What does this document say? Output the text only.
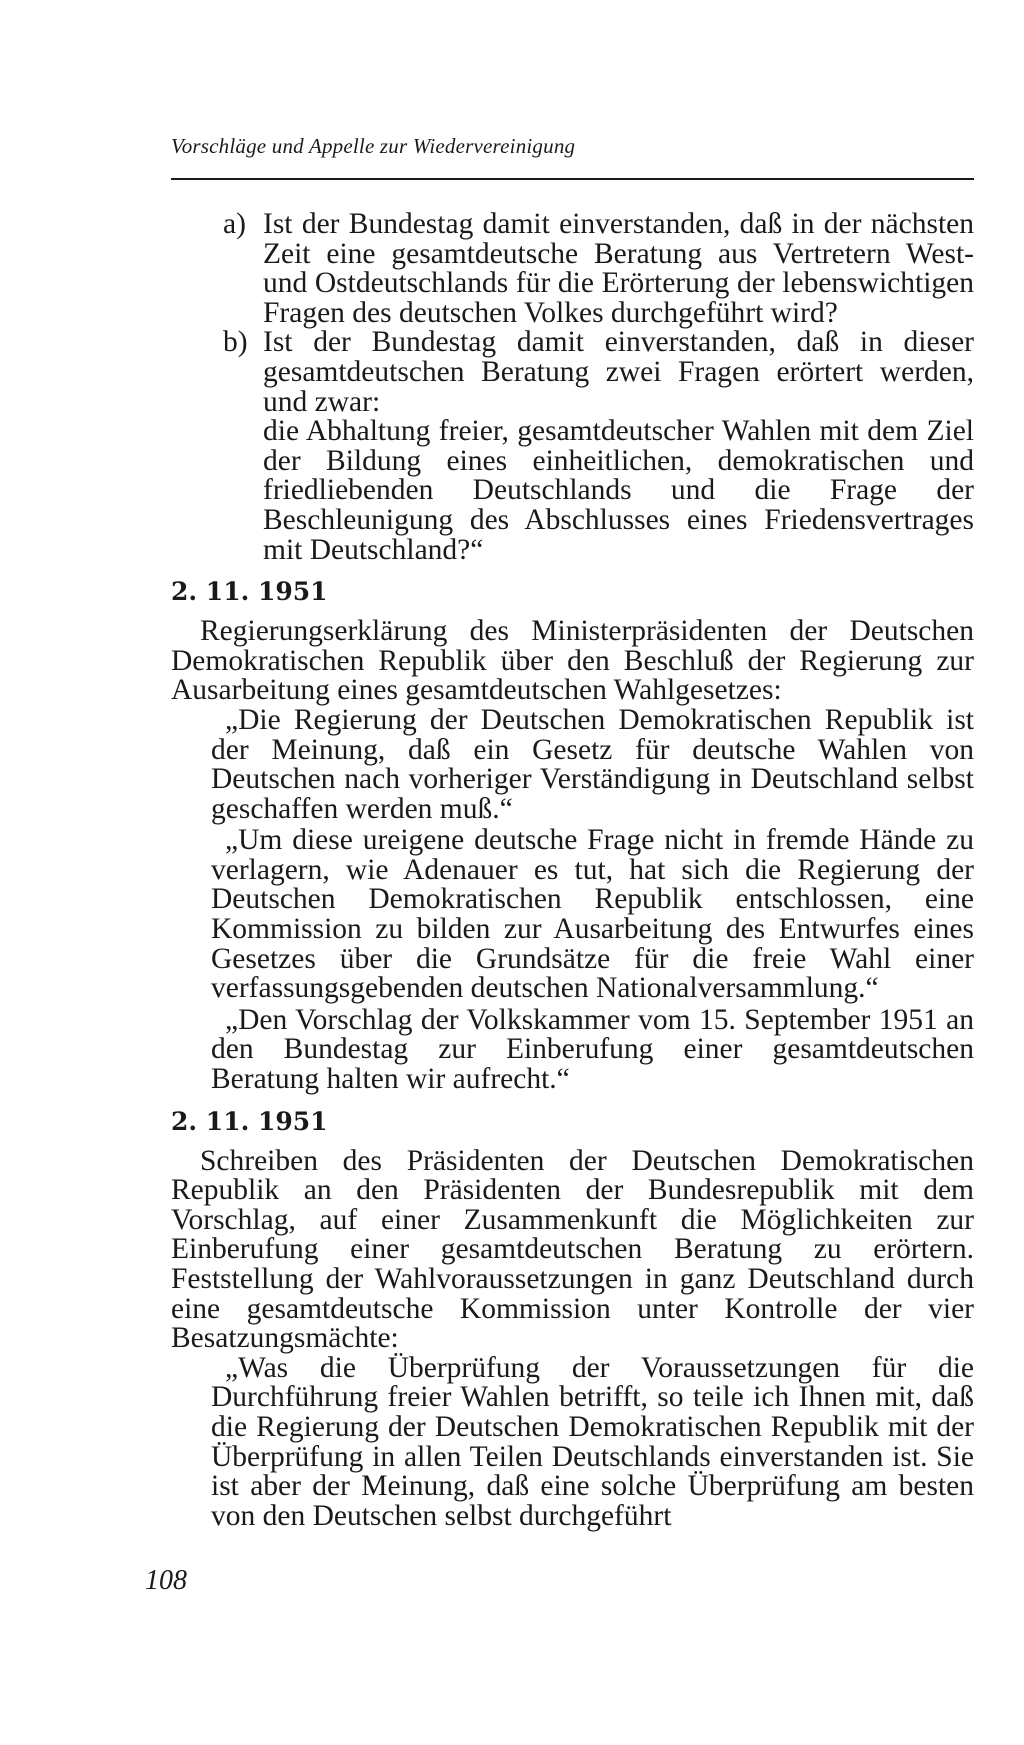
Vorschläge und Appelle zur Wiedervereinigung
a) Ist der Bundestag damit einverstanden, daß in der nächsten Zeit eine gesamtdeutsche Beratung aus Vertretern West- und Ostdeutschlands für die Erörterung der lebenswichtigen Fragen des deutschen Volkes durchgeführt wird?
b) Ist der Bundestag damit einverstanden, daß in dieser gesamtdeutschen Beratung zwei Fragen erörtert werden, und zwar:
die Abhaltung freier, gesamtdeutscher Wahlen mit dem Ziel der Bildung eines einheitlichen, demokratischen und friedliebenden Deutschlands und die Frage der Beschleunigung des Abschlusses eines Friedensvertrages mit Deutschland?“
2. 11. 1951
Regierungserklärung des Ministerpräsidenten der Deutschen Demokratischen Republik über den Beschluß der Regierung zur Ausarbeitung eines gesamtdeutschen Wahlgesetzes:
„Die Regierung der Deutschen Demokratischen Republik ist der Meinung, daß ein Gesetz für deutsche Wahlen von Deutschen nach vorheriger Verständigung in Deutschland selbst geschaffen werden muß.“
„Um diese ureigene deutsche Frage nicht in fremde Hände zu verlagern, wie Adenauer es tut, hat sich die Regierung der Deutschen Demokratischen Republik entschlossen, eine Kommission zu bilden zur Ausarbeitung des Entwurfes eines Gesetzes über die Grundsätze für die freie Wahl einer verfassungsgebenden deutschen Nationalversammlung.“
„Den Vorschlag der Volkskammer vom 15. September 1951 an den Bundestag zur Einberufung einer gesamtdeutschen Beratung halten wir aufrecht.“
2. 11. 1951
Schreiben des Präsidenten der Deutschen Demokratischen Republik an den Präsidenten der Bundesrepublik mit dem Vorschlag, auf einer Zusammenkunft die Möglichkeiten zur Einberufung einer gesamtdeutschen Beratung zu erörtern. Feststellung der Wahlvoraussetzungen in ganz Deutschland durch eine gesamtdeutsche Kommission unter Kontrolle der vier Besatzungsmächte:
„Was die Überprüfung der Voraussetzungen für die Durchführung freier Wahlen betrifft, so teile ich Ihnen mit, daß die Regierung der Deutschen Demokratischen Republik mit der Überprüfung in allen Teilen Deutschlands einverstanden ist. Sie ist aber der Meinung, daß eine solche Überprüfung am besten von den Deutschen selbst durchgeführt
108
